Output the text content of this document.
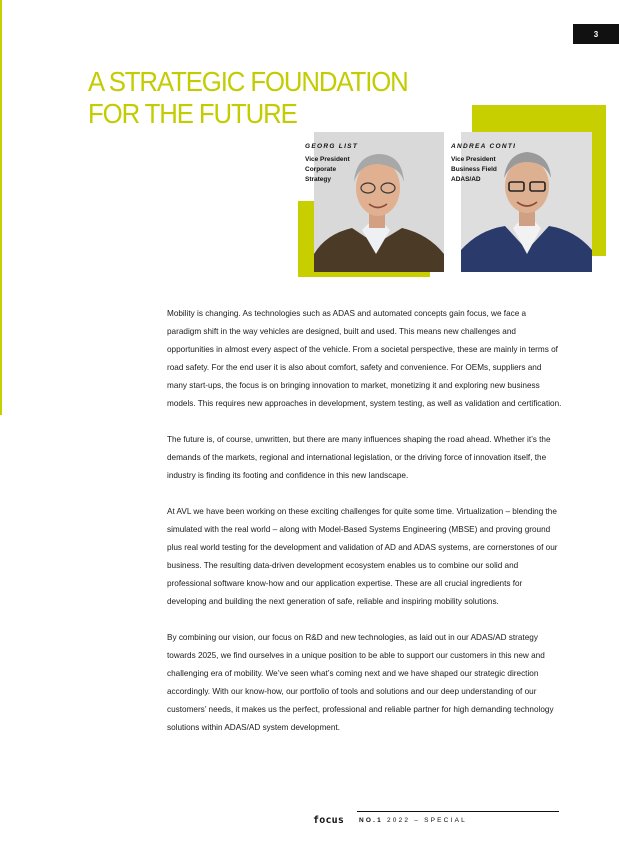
3
A STRATEGIC FOUNDATION
FOR THE FUTURE
GEORG LIST
Vice President
Corporate
Strategy
ANDREA CONTI
Vice President
Business Field
ADAS/AD

Mobility is changing. As technologies such as ADAS and automated concepts gain focus, we face a paradigm shift in the way vehicles are designed, built and used. This means new challenges and opportunities in almost every aspect of the vehicle. From a societal perspective, these are mainly in terms of road safety. For the end user it is also about comfort, safety and convenience. For OEMs, suppliers and many start-ups, the focus is on bringing innovation to market, monetizing it and exploring new business models. This requires new approaches in development, system testing, as well as validation and certification.

The future is, of course, unwritten, but there are many influences shaping the road ahead. Whether it’s the demands of the markets, regional and international legislation, or the driving force of innovation itself, the industry is finding its footing and confidence in this new landscape.

At AVL we have been working on these exciting challenges for quite some time. Virtualization – blending the simulated with the real world – along with Model-Based Systems Engineering (MBSE) and proving ground plus real world testing for the development and validation of AD and ADAS systems, are cornerstones of our business. The resulting data-driven development ecosystem enables us to combine our solid and professional software know-how and our application expertise. These are all crucial ingredients for developing and building the next generation of safe, reliable and inspiring mobility solutions.

By combining our vision, our focus on R&D and new technologies, as laid out in our ADAS/AD strategy towards 2025, we find ourselves in a unique position to be able to support our customers in this new and challenging era of mobility. We’ve seen what’s coming next and we have shaped our strategic direction accordingly. With our know-how, our portfolio of tools and solutions and our deep understanding of our customers’ needs, it makes us the perfect, professional and reliable partner for high demanding technology solutions within ADAS/AD system development.

focus NO.1 2022 – SPECIAL
